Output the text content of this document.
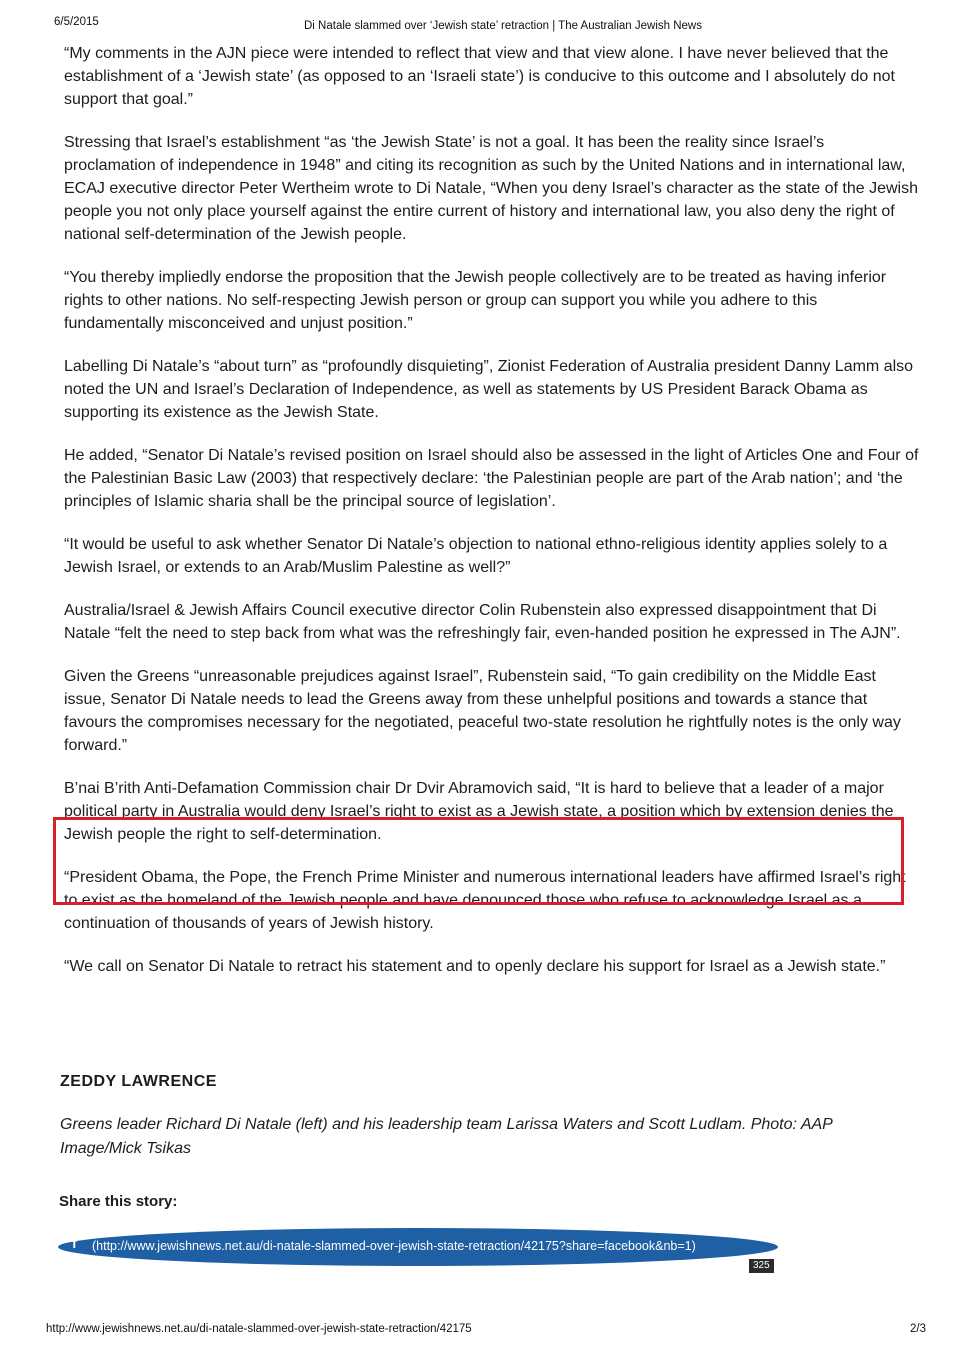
6/5/2015	Di Natale slammed over ‘Jewish state’ retraction | The Australian Jewish News

“My comments in the AJN piece were intended to reflect that view and that view alone. I have never believed that the establishment of a ‘Jewish state’ (as opposed to an ‘Israeli state’) is conducive to this outcome and I absolutely do not support that goal.”

Stressing that Israel’s establishment “as ‘the Jewish State’ is not a goal. It has been the reality since Israel’s proclamation of independence in 1948” and citing its recognition as such by the United Nations and in international law, ECAJ executive director Peter Wertheim wrote to Di Natale, “When you deny Israel’s character as the state of the Jewish people you not only place yourself against the entire current of history and international law, you also deny the right of national self-determination of the Jewish people.

“You thereby impliedly endorse the proposition that the Jewish people collectively are to be treated as having inferior rights to other nations. No self-respecting Jewish person or group can support you while you adhere to this fundamentally misconceived and unjust position.”

Labelling Di Natale’s “about turn” as “profoundly disquieting”, Zionist Federation of Australia president Danny Lamm also noted the UN and Israel’s Declaration of Independence, as well as statements by US President Barack Obama as supporting its existence as the Jewish State.

He added, “Senator Di Natale’s revised position on Israel should also be assessed in the light of Articles One and Four of the Palestinian Basic Law (2003) that respectively declare: ‘the Palestinian people are part of the Arab nation’; and ‘the principles of Islamic sharia shall be the principal source of legislation’.

“It would be useful to ask whether Senator Di Natale’s objection to national ethno-religious identity applies solely to a Jewish Israel, or extends to an Arab/Muslim Palestine as well?”

Australia/Israel & Jewish Affairs Council executive director Colin Rubenstein also expressed disappointment that Di Natale “felt the need to step back from what was the refreshingly fair, even-handed position he expressed in The AJN”.

Given the Greens “unreasonable prejudices against Israel”, Rubenstein said, “To gain credibility on the Middle East issue, Senator Di Natale needs to lead the Greens away from these unhelpful positions and towards a stance that favours the compromises necessary for the negotiated, peaceful two-state resolution he rightfully notes is the only way forward.”

B’nai B’rith Anti-Defamation Commission chair Dr Dvir Abramovich said, “It is hard to believe that a leader of a major political party in Australia would deny Israel’s right to exist as a Jewish state, a position which by extension denies the Jewish people the right to self-determination.

“President Obama, the Pope, the French Prime Minister and numerous international leaders have affirmed Israel’s right to exist as the homeland of the Jewish people and have denounced those who refuse to acknowledge Israel as a continuation of thousands of years of Jewish history.

“We call on Senator Di Natale to retract his statement and to openly declare his support for Israel as a Jewish state.”

ZEDDY LAWRENCE
Greens leader Richard Di Natale (left) and his leadership team Larissa Waters and Scott Ludlam. Photo: AAP Image/Mick Tsikas
Share this story:
f (http://www.jewishnews.net.au/di-natale-slammed-over-jewish-state-retraction/42175?share=facebook&nb=1)
325
http://www.jewishnews.net.au/di-natale-slammed-over-jewish-state-retraction/42175	2/3
